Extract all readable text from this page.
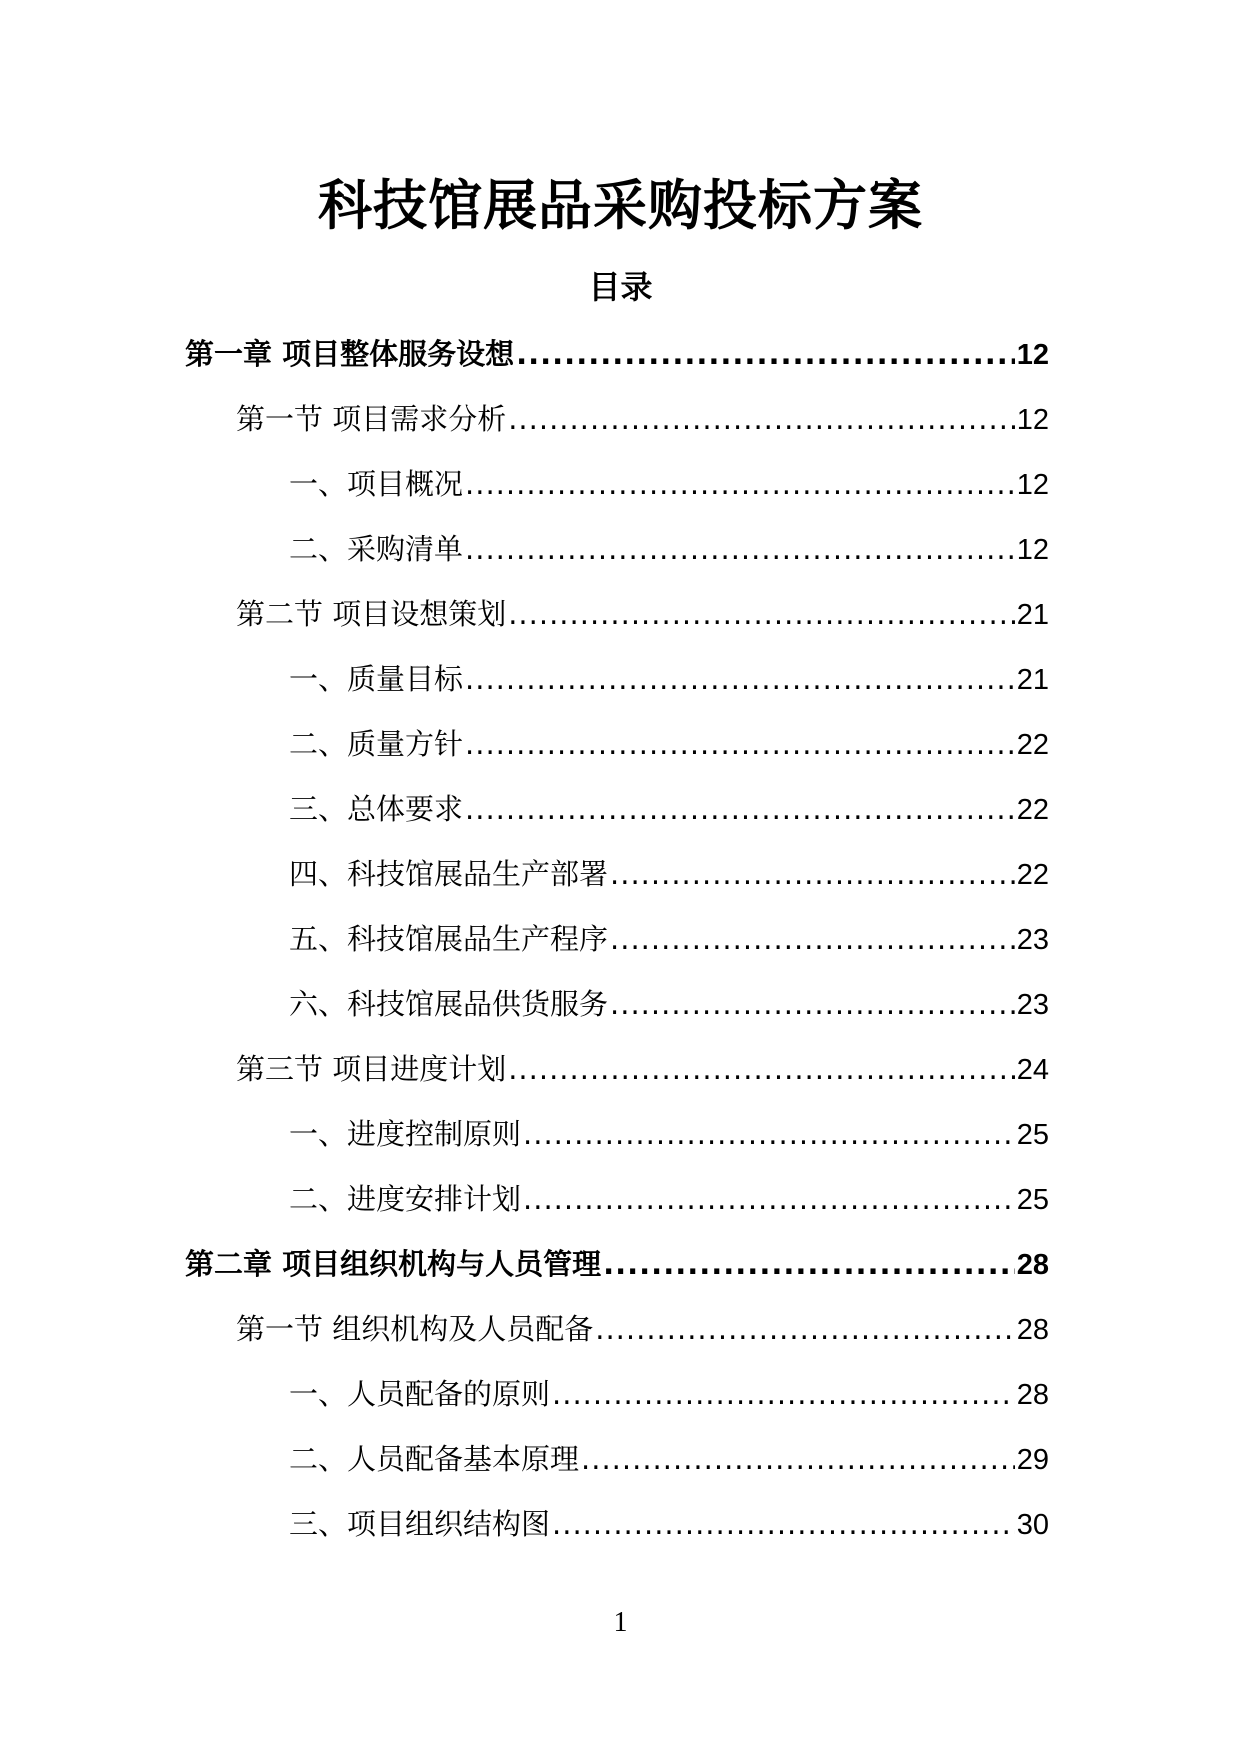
科技馆展品采购投标方案
目录
第一章 项目整体服务设想 .....	12
第一节 项目需求分析 .....	12
一、项目概况 .....	12
二、采购清单 .....	12
第二节 项目设想策划 .....	21
一、质量目标 .....	21
二、质量方针 .....	22
三、总体要求 .....	22
四、科技馆展品生产部署 .....	22
五、科技馆展品生产程序 .....	23
六、科技馆展品供货服务 .....	23
第三节 项目进度计划 .....	24
一、进度控制原则 .....	25
二、进度安排计划 .....	25
第二章 项目组织机构与人员管理 .....	28
第一节 组织机构及人员配备 .....	28
一、人员配备的原则 .....	28
二、人员配备基本原理 .....	29
三、项目组织结构图 .....	30
1
